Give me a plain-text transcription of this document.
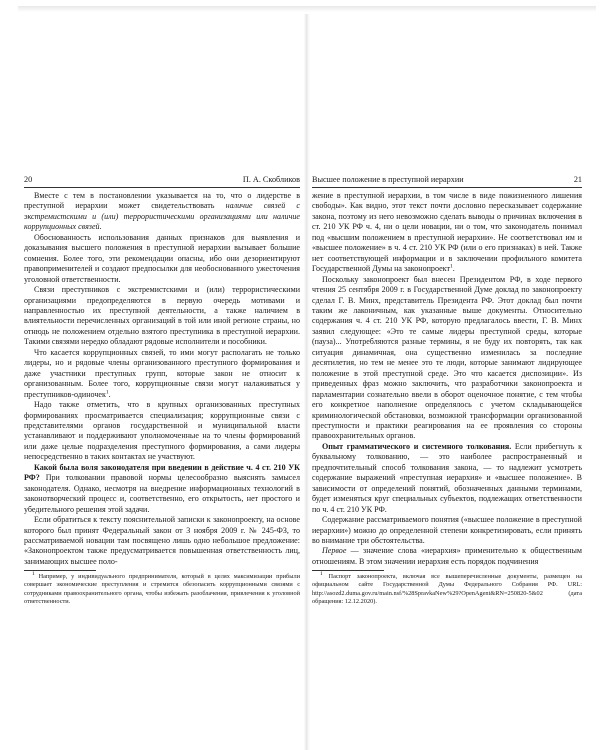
20	П. А. Скобликов

Вместе с тем в постановлении указывается на то, что о лидерстве в преступной иерархии может свидетельствовать наличие связей с экстремистскими и (или) террористическими организациями или наличие коррупционных связей.

Обоснованность использования данных признаков для выявления и доказывания высшего положения в преступной иерархии вызывает большие сомнения. Более того, эти рекомендации опасны, ибо они дезориентируют правоприменителей и создают предпосылки для необоснованного ужесточения уголовной ответственности.

Связи преступников с экстремистскими и (или) террористическими организациями предопределяются в первую очередь мотивами и направленностью их преступной деятельности, а также наличием в влиятельности перечисленных организаций в той или иной регионе страны, но отнюдь не положением отдельно взятого преступника в преступной иерархии. Такими связями нередко обладают рядовые исполнители и пособники.

Что касается коррупционных связей, то ими могут располагать не только лидеры, но и рядовые члены организованного преступного формирования и даже участники преступных групп, которые закон не относит к организованным. Более того, коррупционные связи могут налаживаться у преступников-одиночек$^1$.

Надо также отметить, что в крупных организованных преступных формированиях просматривается специализация; коррупционные связи с представителями органов государственной и муниципальной власти устанавливают и поддерживают уполномоченные на то члены формирований или даже целые подразделения преступного формирования, а сами лидеры непосредственно в таких контактах не участвуют.

Какой была воля законодателя при введении в действие ч. 4 ст. 210 УК РФ? При толковании правовой нормы целесообразно выяснять замысел законодателя. Однако, несмотря на внедрение информационных технологий в законотворческий процесс и, соответственно, его открытость, нет простого и убедительного решения этой задачи.

Если обратиться к тексту пояснительной записки к законопроекту, на основе которого был принят Федеральный закон от 3 ноября 2009 г. № 245-ФЗ, то рассматриваемой новации там посвящено лишь одно небольшое предложение: «Законопроектом также предусматривается повышенная ответственность лиц, занимающих высшее поло-

$^1$ Например, у индивидуального предпринимателя, который в целях максимизации прибыли совершает экономические преступления и стремится обезопасить коррупционными связями с сотрудниками правоохранительного органа, чтобы избежать разоблачения, привлечения к уголовной ответственности.

Высшее положение в преступной иерархии	21

жение в преступной иерархии, в том числе в виде пожизненного лишения свободы». Как видно, этот текст почти дословно пересказывает содержание закона, поэтому из него невозможно сделать выводы о причинах включения в ст. 210 УК РФ ч. 4, ни о цели новации, ни о том, что законодатель понимал под «высшим положением в преступной иерархии». Не соответствовал им и «высшее положение» в ч. 4 ст. 210 УК РФ (или о его признаках) в ней. Также нет соответствующей информации и в заключении профильного комитета Государственной Думы на законопроект$^1$.

Поскольку законопроект был внесен Президентом РФ, в ходе первого чтения 25 сентября 2009 г. в Государственной Думе доклад по законопроекту сделал Г. В. Минх, представитель Президента РФ. Этот доклад был почти таким же лаконичным, как указанные выше документы. Относительно содержания ч. 4 ст. 210 УК РФ, которую предлагалось ввести, Г. В. Минх заявил следующее: «Это те самые лидеры преступной среды, которые (пауза)... Употребляются разные термины, я не буду их повторять, так как ситуация динамичная, она существенно изменилась за последние десятилетия, но тем не менее это те люди, которые занимают лидирующее положение в этой преступной среде. Это что касается диспозиции». Из приведенных фраз можно заключить, что разработчики законопроекта и парламентарии сознательно ввели в оборот оценочное понятие, с тем чтобы его конкретное наполнение определялось с учетом складывающейся криминологической обстановки, возможной трансформации организованной преступности и практики реагирования на ее проявления со стороны правоохранительных органов.

Опыт грамматического и системного толкования. Если прибегнуть к буквальному толкованию, — это наиболее распространенный и предпочтительный способ толкования закона, — то надлежит усмотреть содержание выражений «преступная иерархия» и «высшее положение». В зависимости от определений понятий, обозначенных данными терминами, будет изменяться круг специальных субъектов, подлежащих ответственности по ч. 4 ст. 210 УК РФ.

Содержание рассматриваемого понятия («высшее положение в преступной иерархии») можно до определенной степени конкретизировать, если принять во внимание три обстоятельства.

Первое — значение слова «иерархия» применительно к общественным отношениям. В этом значении иерархия есть порядок подчинения

$^1$ Паспорт законопроекта, включая все вышеперечисленные документы, размещен на официальном сайте Государственной Думы Федерального Собрания РФ. URL: http://asozd2.duma.gov.ru/main.nsf/%28SpravkaNew%29?OpenAgent&RN=250820-5&02 (дата обращения: 12.12.2020).
